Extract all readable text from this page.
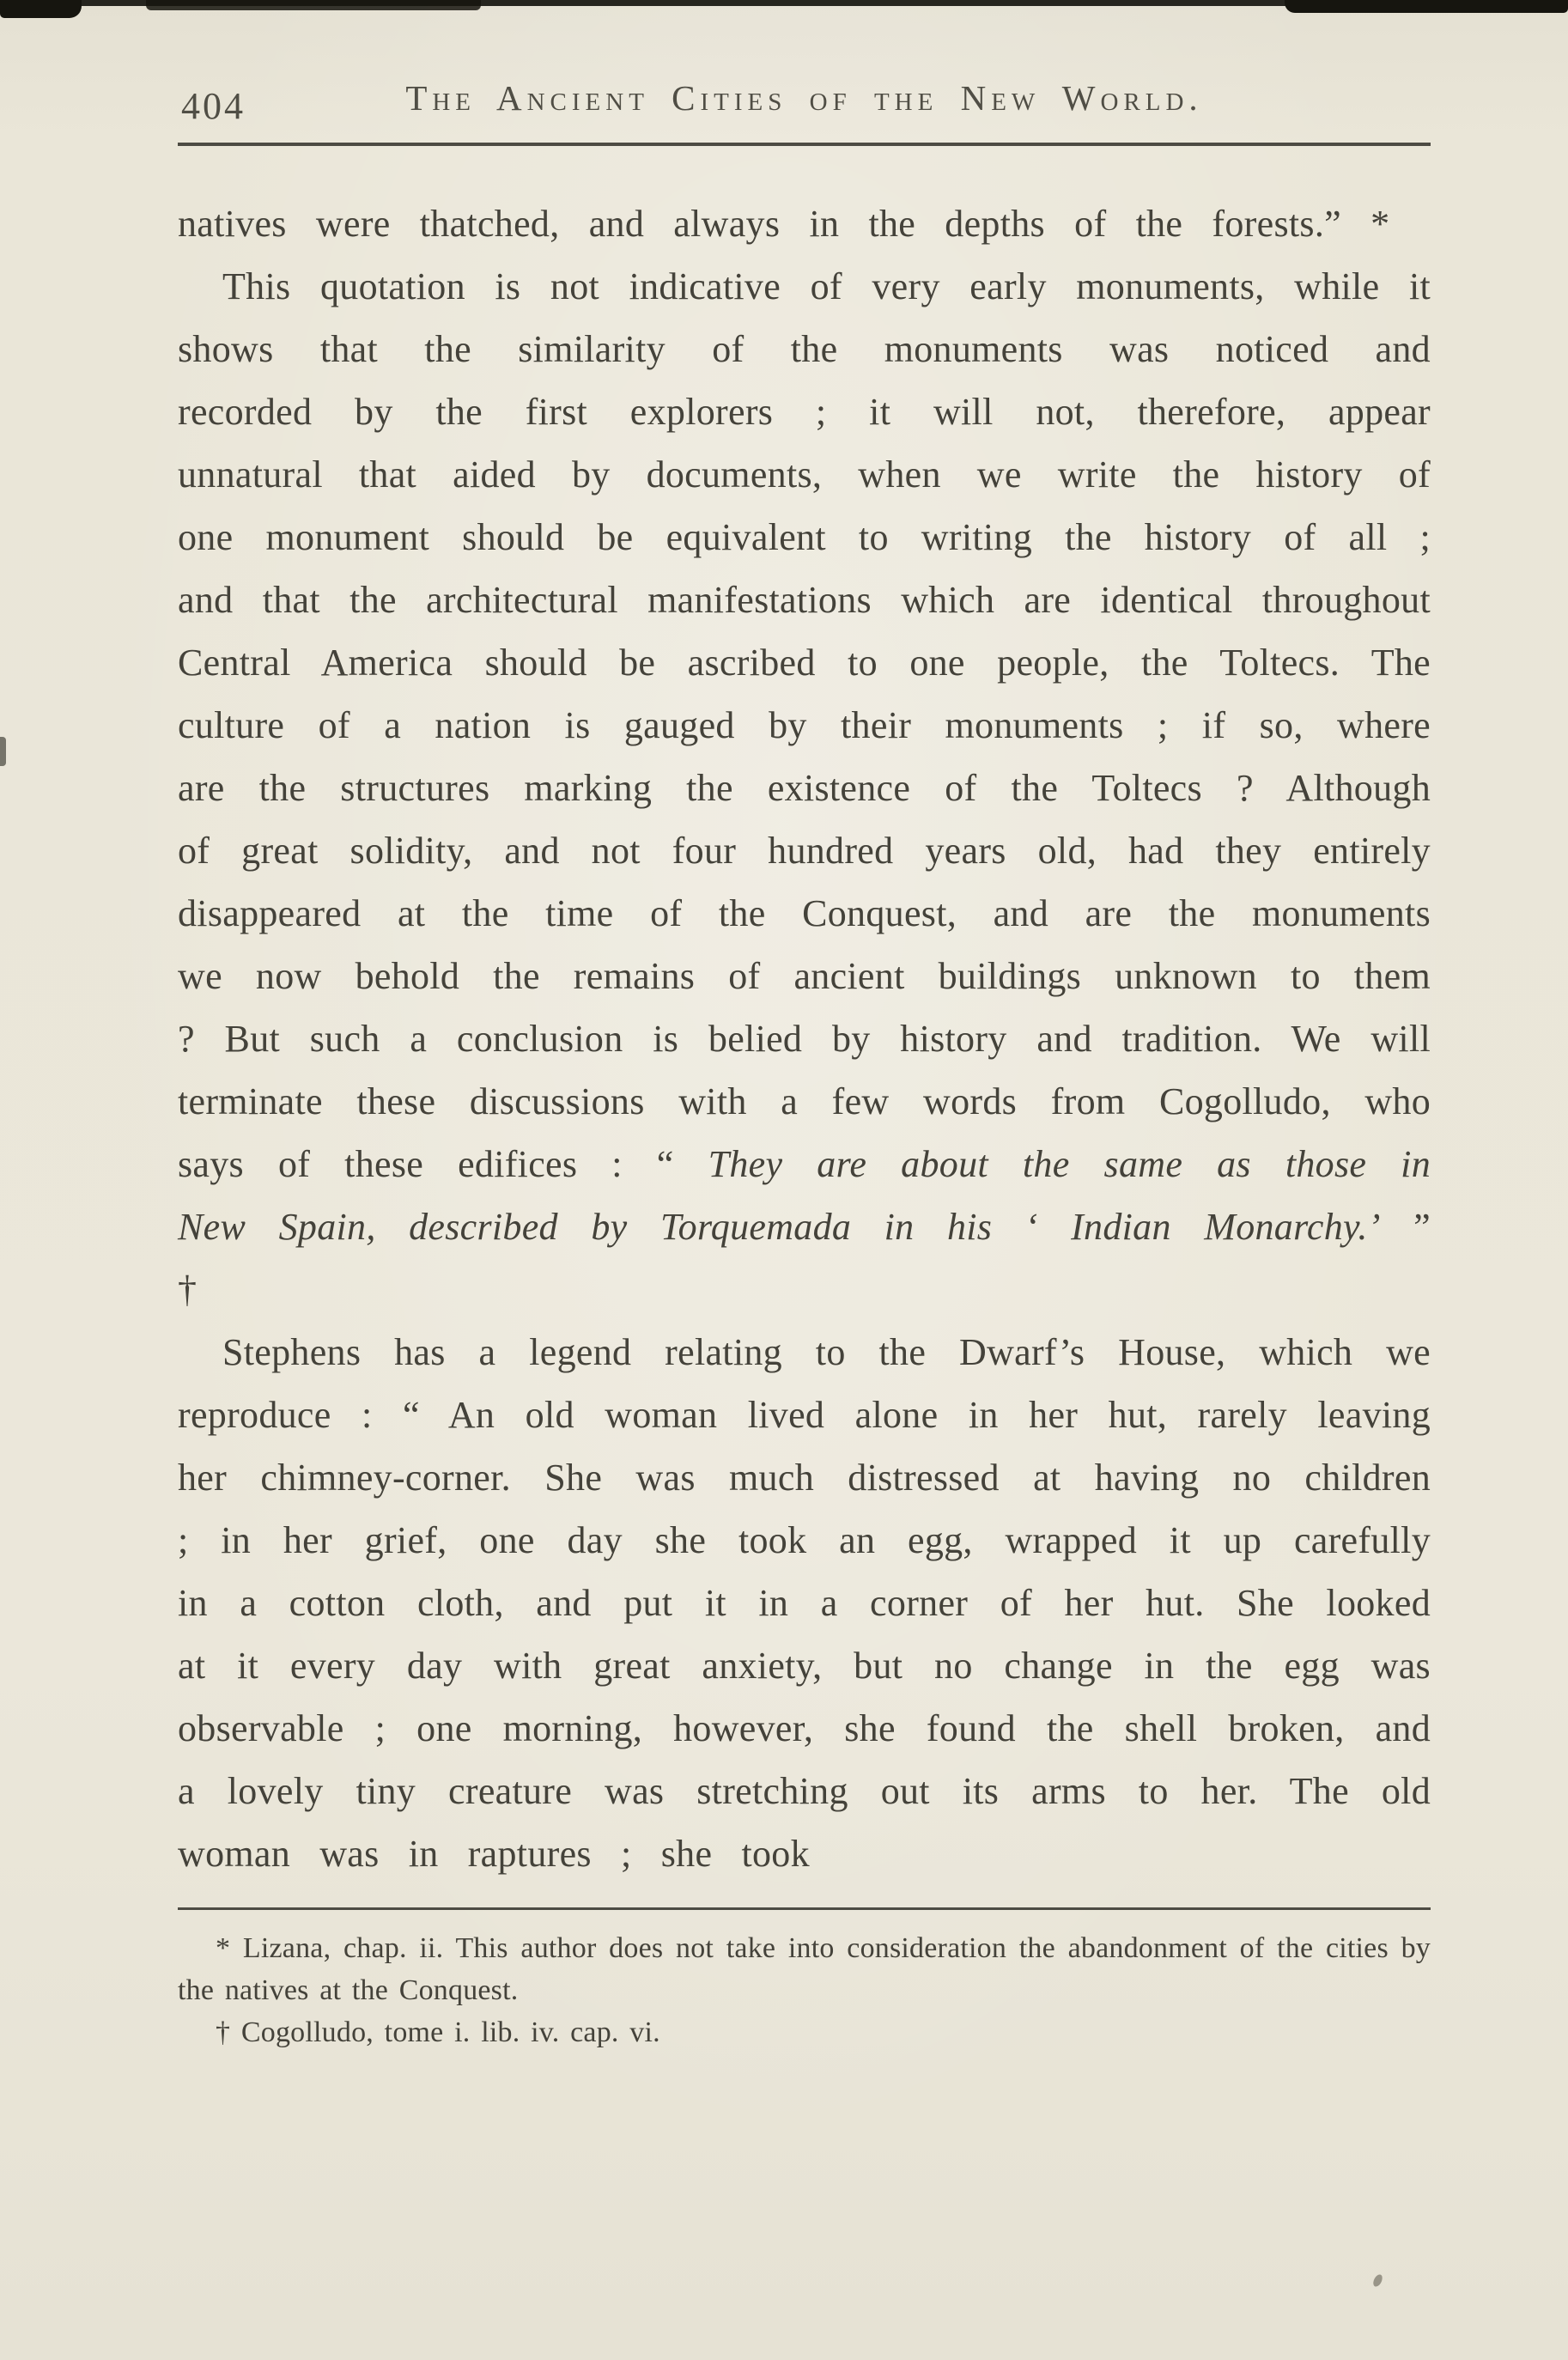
404	The Ancient Cities of the New World.

natives were thatched, and always in the depths of the forests.” *

This quotation is not indicative of very early monuments, while it shows that the similarity of the monuments was noticed and recorded by the first explorers ; it will not, therefore, appear unnatural that aided by documents, when we write the history of one monument should be equivalent to writing the history of all ; and that the architectural manifestations which are identical throughout Central America should be ascribed to one people, the Toltecs. The culture of a nation is gauged by their monuments ; if so, where are the structures marking the existence of the Toltecs ? Although of great solidity, and not four hundred years old, had they entirely disappeared at the time of the Conquest, and are the monuments we now behold the remains of ancient buildings unknown to them ? But such a conclusion is belied by history and tradition. We will terminate these discussions with a few words from Cogolludo, who says of these edifices : “ They are about the same as those in New Spain, described by Torquemada in his ‘ Indian Monarchy.’ ” †

Stephens has a legend relating to the Dwarf’s House, which we reproduce : “ An old woman lived alone in her hut, rarely leaving her chimney-corner. She was much distressed at having no children ; in her grief, one day she took an egg, wrapped it up carefully in a cotton cloth, and put it in a corner of her hut. She looked at it every day with great anxiety, but no change in the egg was observable ; one morning, however, she found the shell broken, and a lovely tiny creature was stretching out its arms to her. The old woman was in raptures ; she took

* Lizana, chap. ii. This author does not take into consideration the abandonment of the cities by the natives at the Conquest.

† Cogolludo, tome i. lib. iv. cap. vi.
